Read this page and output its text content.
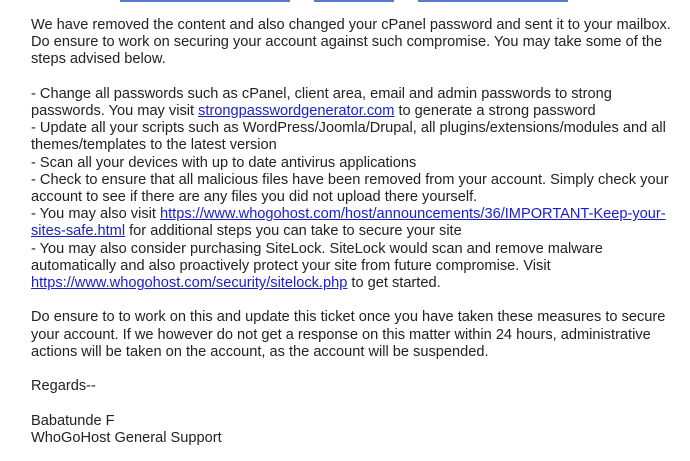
We have removed the content and also changed your cPanel password and sent it to your mailbox. Do ensure to work on securing your account against such compromise. You may take some of the steps advised below.

- Change all passwords such as cPanel, client area, email and admin passwords to strong passwords. You may visit strongpasswordgenerator.com to generate a strong password

- Update all your scripts such as WordPress/Joomla/Drupal, all plugins/extensions/modules and all themes/templates to the latest version

- Scan all your devices with up to date antivirus applications

- Check to ensure that all malicious files have been removed from your account. Simply check your account to see if there are any files you did not upload there yourself.

- You may also visit https://www.whogohost.com/host/announcements/36/IMPORTANT-Keep-your-sites-safe.html for additional steps you can take to secure your site

- You may also consider purchasing SiteLock. SiteLock would scan and remove malware automatically and also proactively protect your site from future compromise. Visit https://www.whogohost.com/security/sitelock.php to get started.

Do ensure to to work on this and update this ticket once you have taken these measures to secure your account. If we however do not get a response on this matter within 24 hours, administrative actions will be taken on the account, as the account will be suspended.

Regards--

Babatunde F

WhoGoHost General Support
